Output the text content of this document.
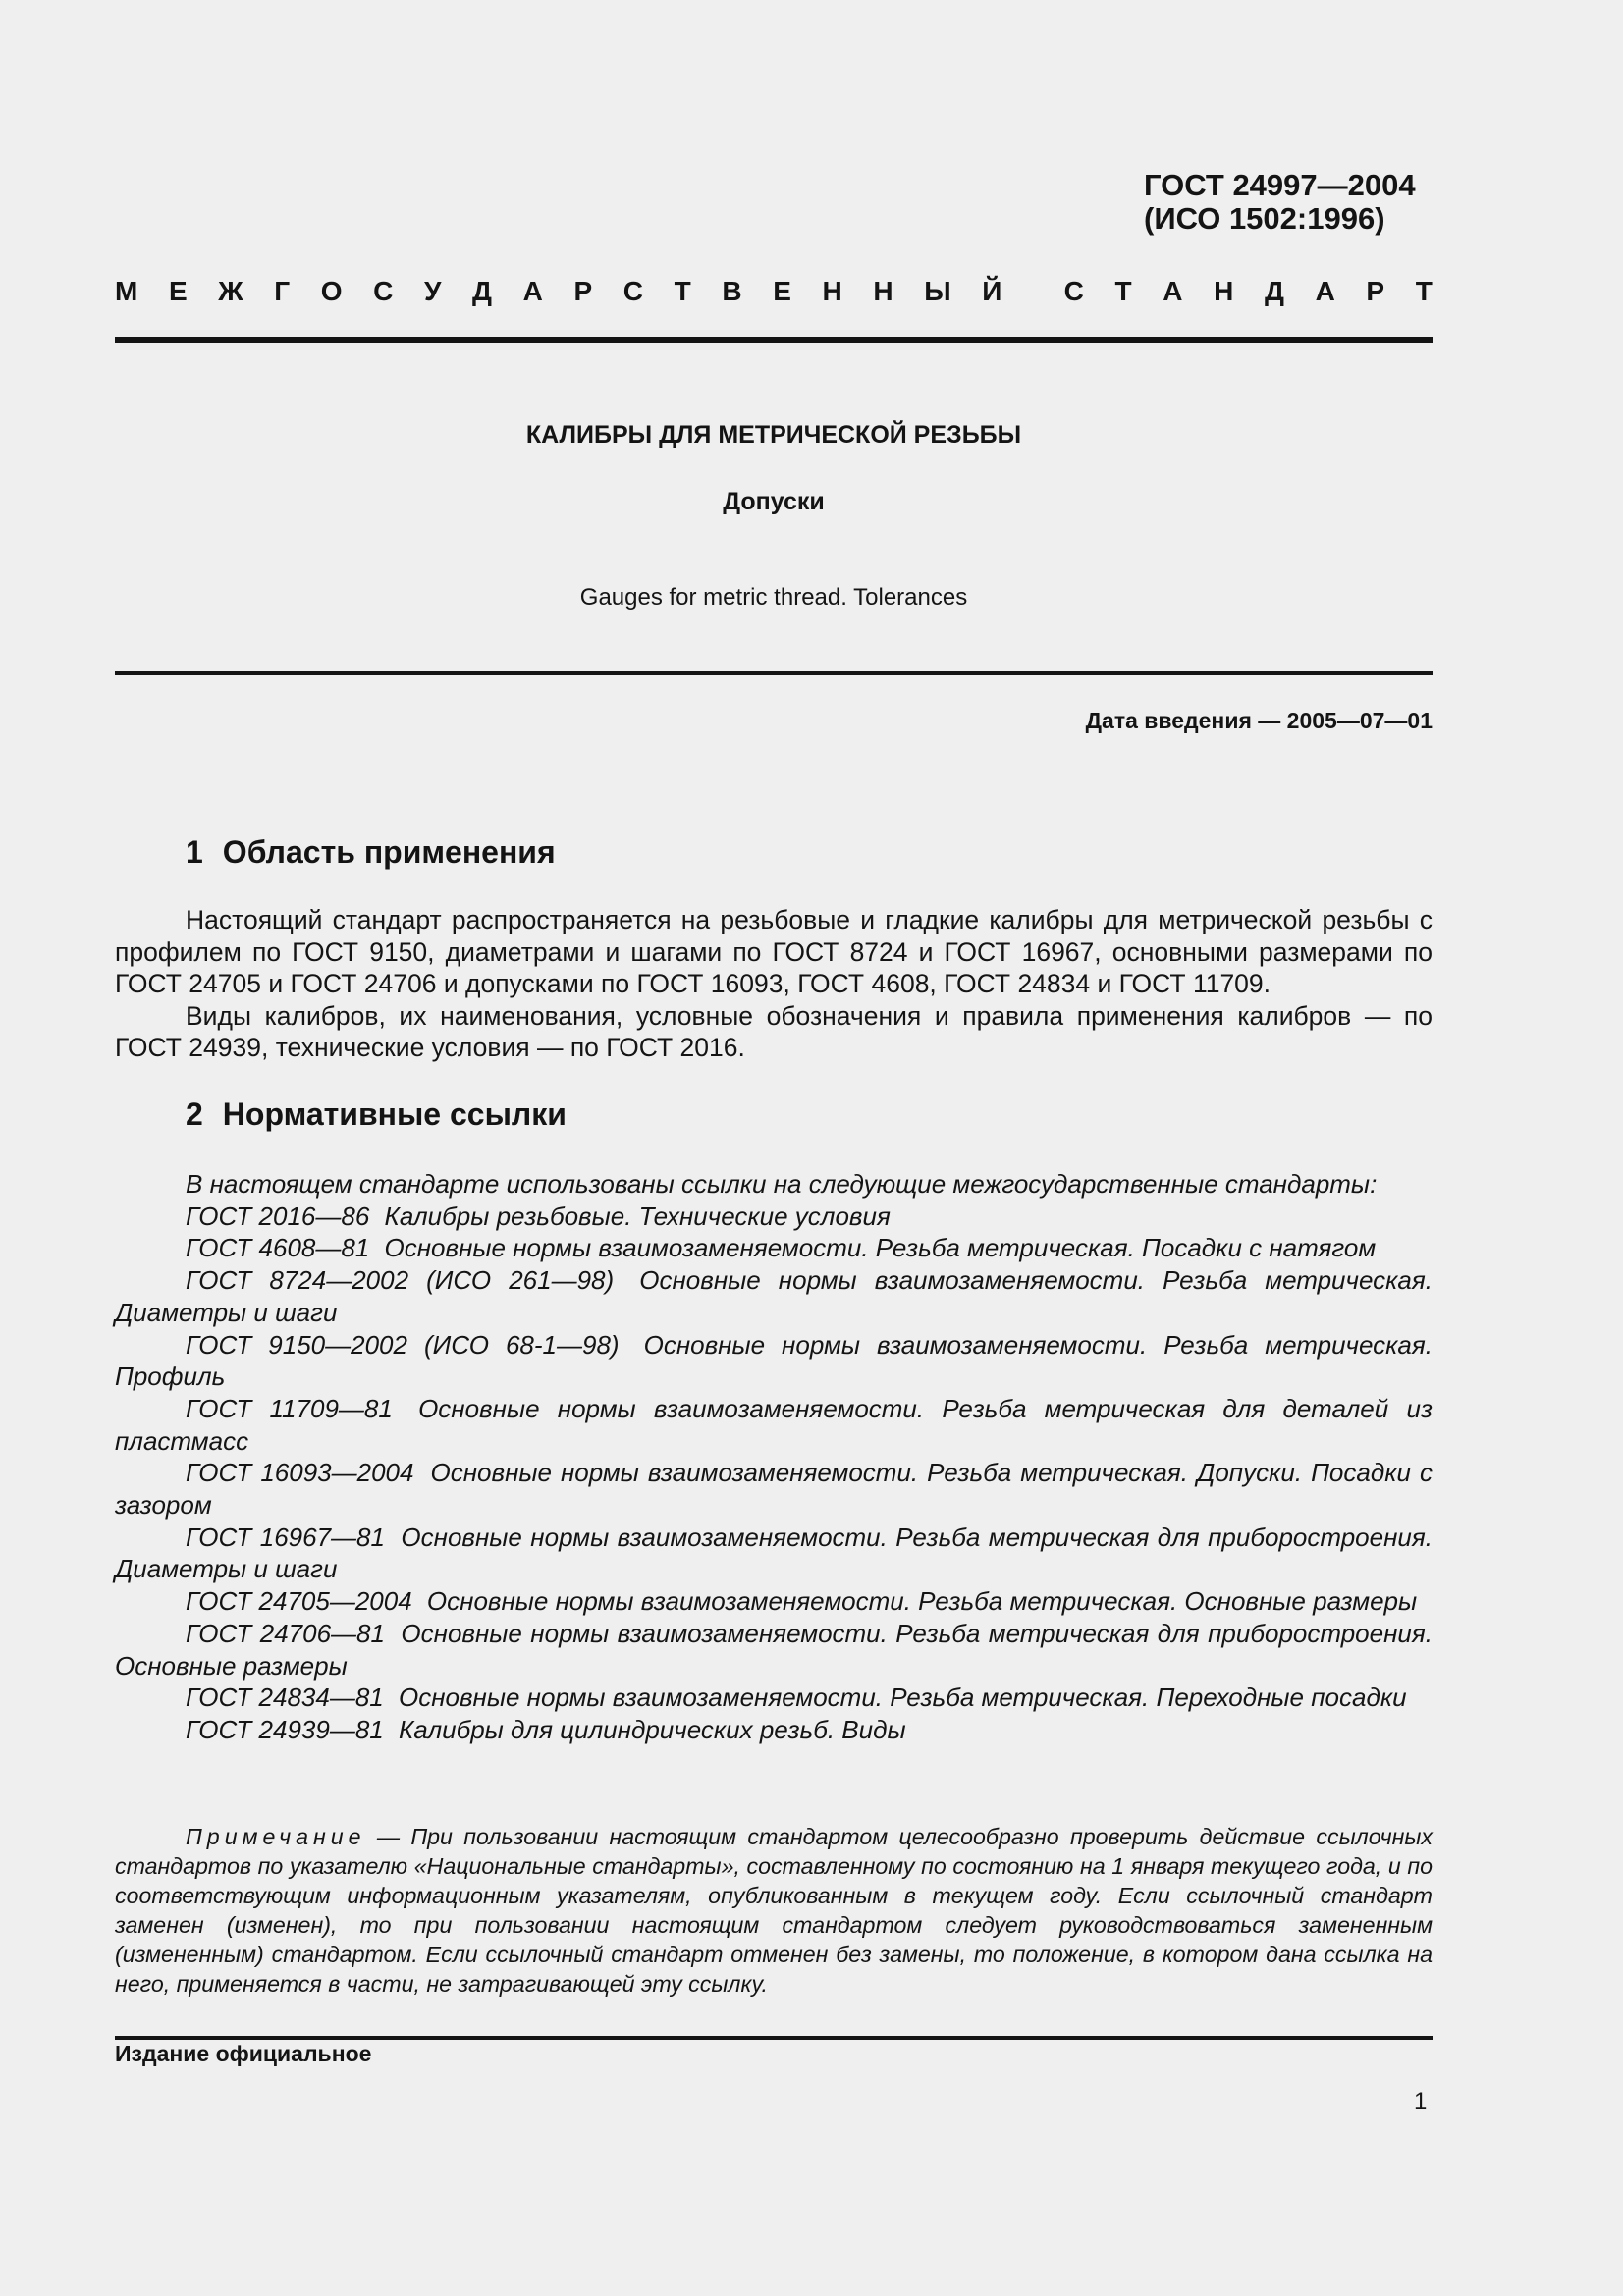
ГОСТ 24997—2004
(ИСО 1502:1996)
М Е Ж Г О С У Д А Р С Т В Е Н Н Ы Й С Т А Н Д А Р Т
КАЛИБРЫ ДЛЯ МЕТРИЧЕСКОЙ РЕЗЬБЫ
Допуски
Gauges for metric thread. Tolerances
Дата введения — 2005—07—01
1 Область применения

Настоящий стандарт распространяется на резьбовые и гладкие калибры для метрической резьбы с профилем по ГОСТ 9150, диаметрами и шагами по ГОСТ 8724 и ГОСТ 16967, основными размерами по ГОСТ 24705 и ГОСТ 24706 и допусками по ГОСТ 16093, ГОСТ 4608, ГОСТ 24834 и ГОСТ 11709.

Виды калибров, их наименования, условные обозначения и правила применения калибров — по ГОСТ 24939, технические условия — по ГОСТ 2016.

2 Нормативные ссылки

В настоящем стандарте использованы ссылки на следующие межгосударственные стандарты:

ГОСТ 2016—86 Калибры резьбовые. Технические условия

ГОСТ 4608—81 Основные нормы взаимозаменяемости. Резьба метрическая. Посадки с натягом

ГОСТ 8724—2002 (ИСО 261—98) Основные нормы взаимозаменяемости. Резьба метрическая. Диаметры и шаги

ГОСТ 9150—2002 (ИСО 68-1—98) Основные нормы взаимозаменяемости. Резьба метрическая. Профиль

ГОСТ 11709—81 Основные нормы взаимозаменяемости. Резьба метрическая для деталей из пластмасс

ГОСТ 16093—2004 Основные нормы взаимозаменяемости. Резьба метрическая. Допуски. Посадки с зазором

ГОСТ 16967—81 Основные нормы взаимозаменяемости. Резьба метрическая для приборостроения. Диаметры и шаги

ГОСТ 24705—2004 Основные нормы взаимозаменяемости. Резьба метрическая. Основные размеры

ГОСТ 24706—81 Основные нормы взаимозаменяемости. Резьба метрическая для приборостроения. Основные размеры

ГОСТ 24834—81 Основные нормы взаимозаменяемости. Резьба метрическая. Переходные посадки

ГОСТ 24939—81 Калибры для цилиндрических резьб. Виды

Примечание — При пользовании настоящим стандартом целесообразно проверить действие ссылочных стандартов по указателю «Национальные стандарты», составленному по состоянию на 1 января текущего года, и по соответствующим информационным указателям, опубликованным в текущем году. Если ссылочный стандарт заменен (изменен), то при пользовании настоящим стандартом следует руководствоваться замененным (измененным) стандартом. Если ссылочный стандарт отменен без замены, то положение, в котором дана ссылка на него, применяется в части, не затрагивающей эту ссылку.
Издание официальное
1
